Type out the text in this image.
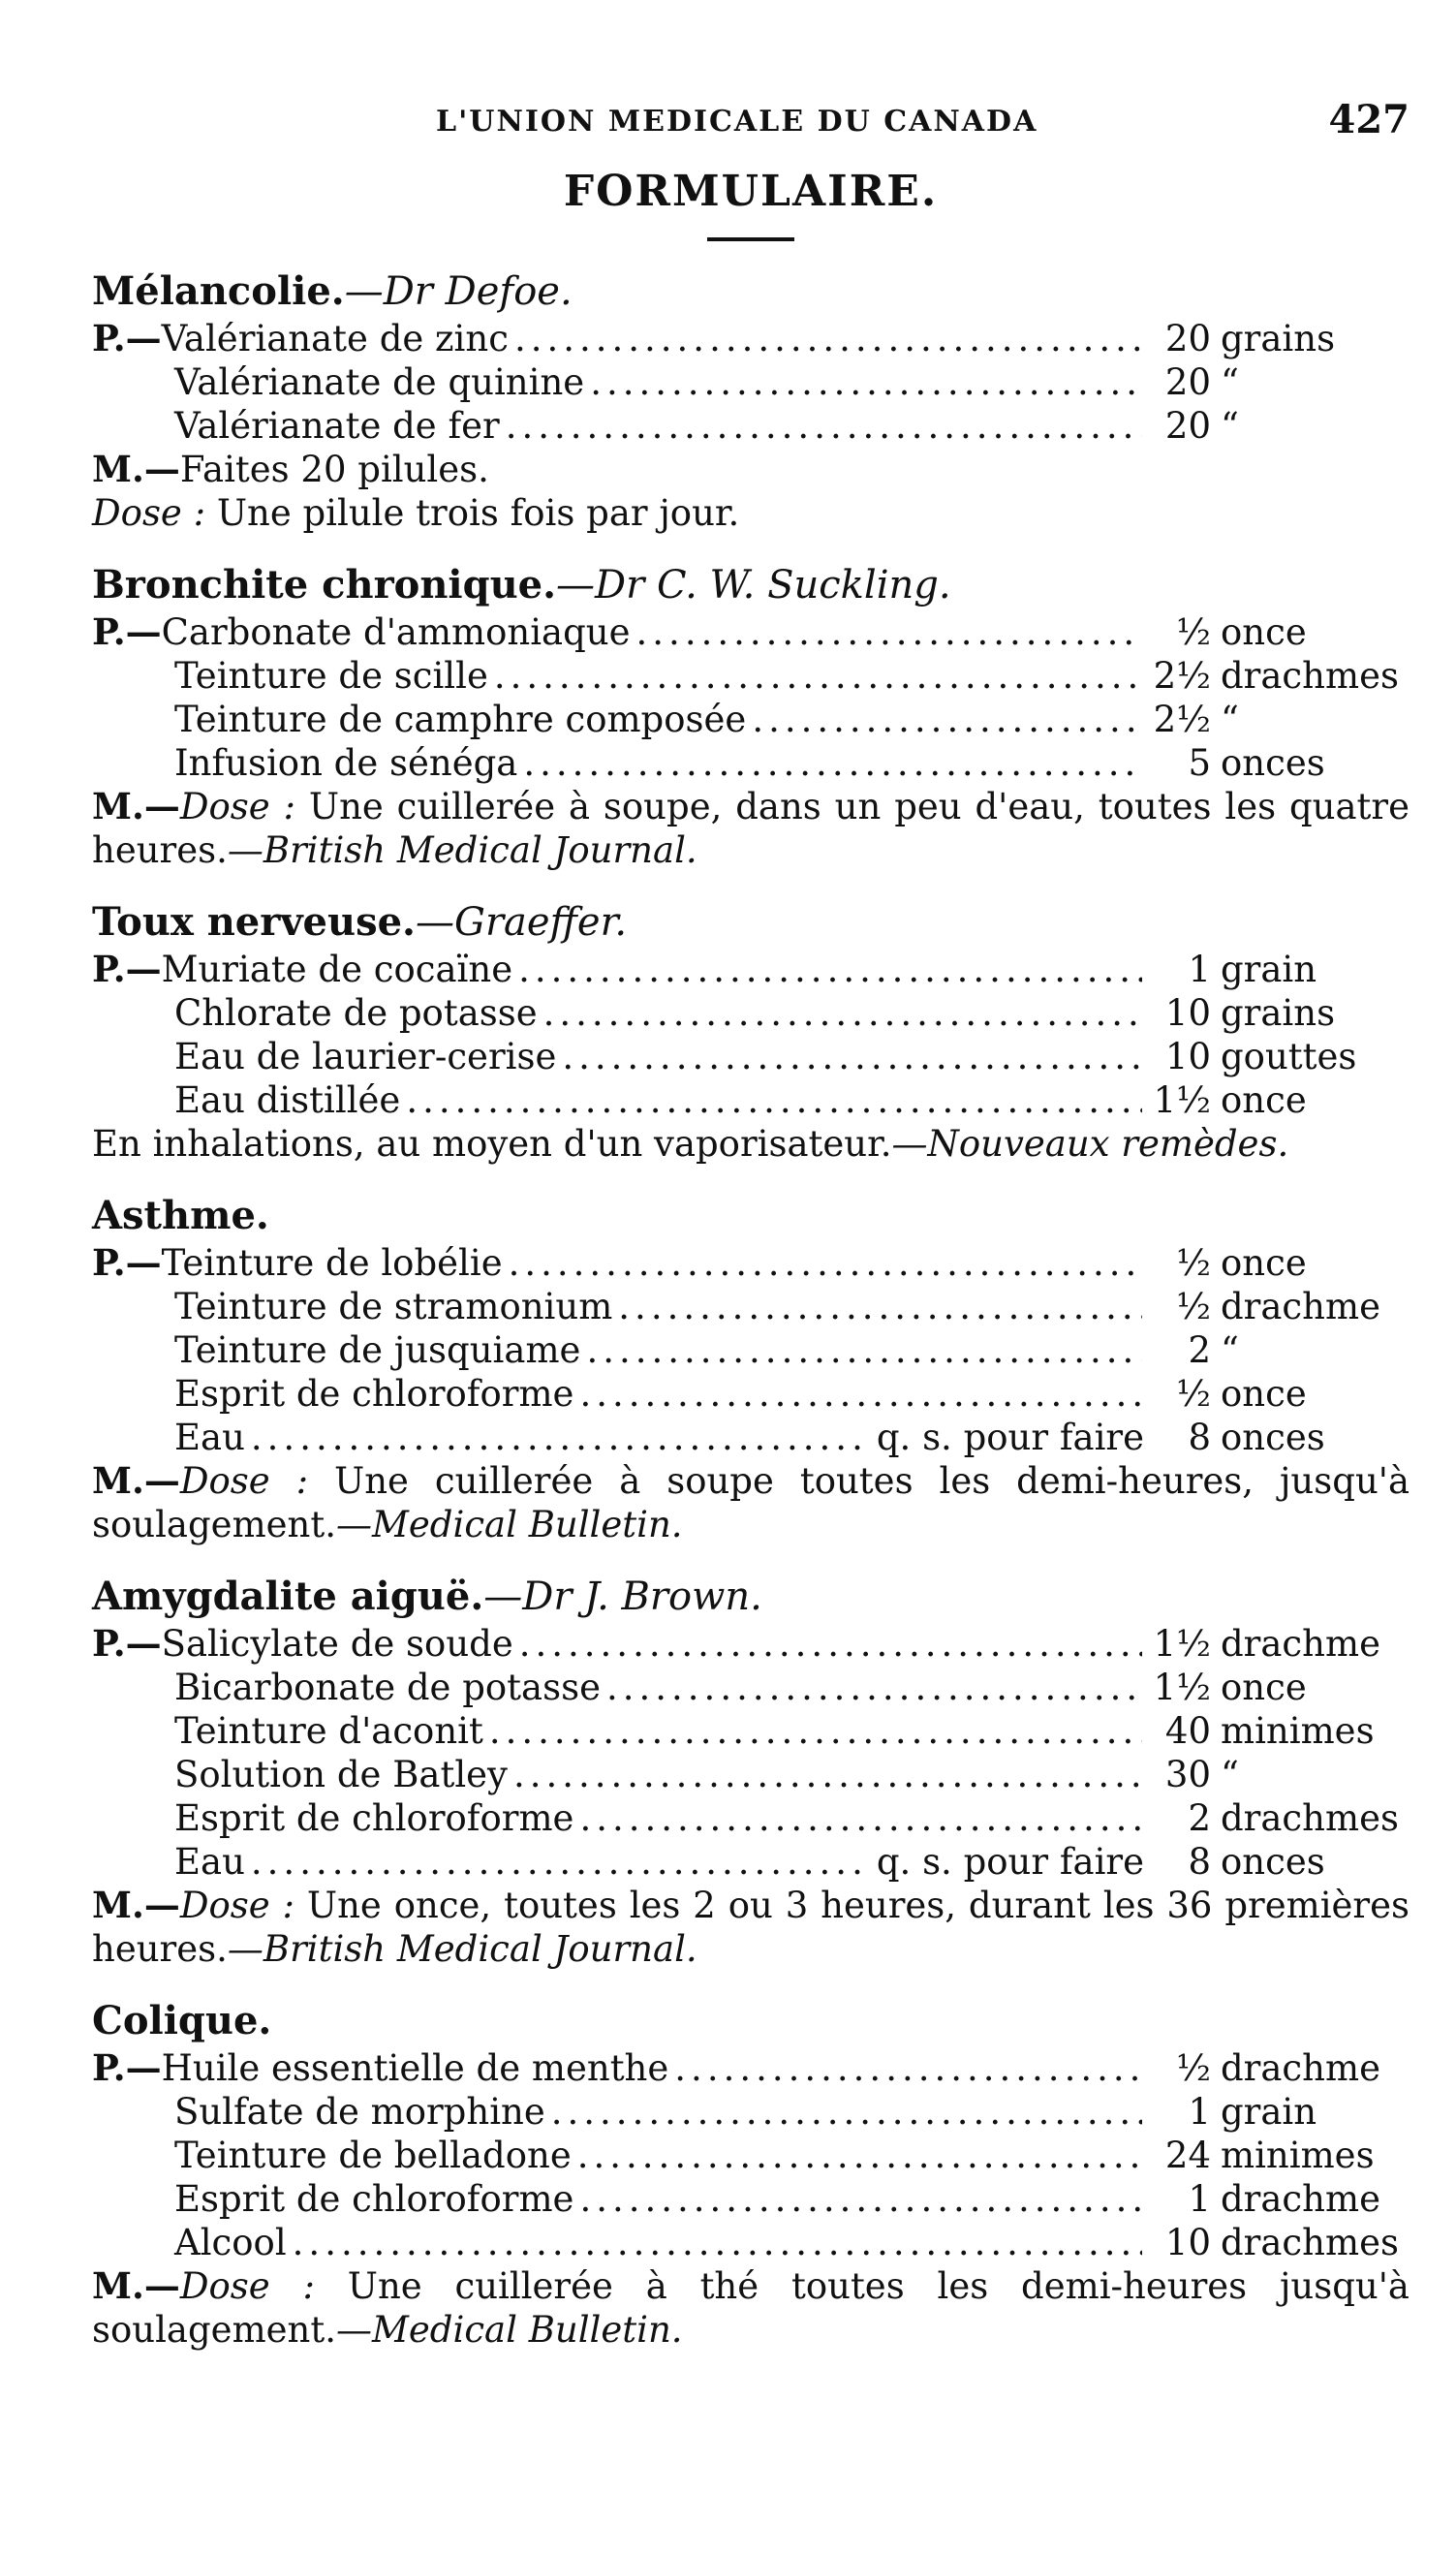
L'UNION MEDICALE DU CANADA	427
FORMULAIRE.
Mélancolie.—Dr Defoe.
P.— Valérianate de zinc .....	20 grains
Valérianate de quinine .....	20 “
Valérianate de fer .....	20 “
M.—Faites 20 pilules.
Dose : Une pilule trois fois par jour.
Bronchite chronique.—Dr C. W. Suckling.
P.— Carbonate d'ammoniaque .....	½ once
Teinture de scille .....	2½ drachmes
Teinture de camphre composée .....	2½ “
Infusion de sénéga .....	5 onces
M.—Dose : Une cuillerée à soupe, dans un peu d'eau, toutes les quatre heures.—British Medical Journal.
Toux nerveuse.—Graeffer.
P.— Muriate de cocaïne .....	1 grain
Chlorate de potasse .....	10 grains
Eau de laurier-cerise .....	10 gouttes
Eau distillée .....	1½ once
En inhalations, au moyen d'un vaporisateur.—Nouveaux remèdes.
Asthme.
P.— Teinture de lobélie .....	½ once
Teinture de stramonium .....	½ drachme
Teinture de jusquiame .....	2 “
Esprit de chloroforme .....	½ once
Eau .....	q. s. pour faire	8 onces
M.—Dose : Une cuillerée à soupe toutes les demi-heures, jusqu'à soulagement.—Medical Bulletin.
Amygdalite aiguë.—Dr J. Brown.
P.— Salicylate de soude .....	1½ drachme
Bicarbonate de potasse .....	1½ once
Teinture d'aconit .....	40 minimes
Solution de Batley .....	30 “
Esprit de chloroforme .....	2 drachmes
Eau .....	q. s. pour faire	8 onces
M.—Dose : Une once, toutes les 2 ou 3 heures, durant les 36 premières heures.—British Medical Journal.
Colique.
P.— Huile essentielle de menthe .....	½ drachme
Sulfate de morphine .....	1 grain
Teinture de belladone .....	24 minimes
Esprit de chloroforme .....	1 drachme
Alcool .....	10 drachmes
M.—Dose : Une cuillerée à thé toutes les demi-heures jusqu'à soulagement.—Medical Bulletin.
